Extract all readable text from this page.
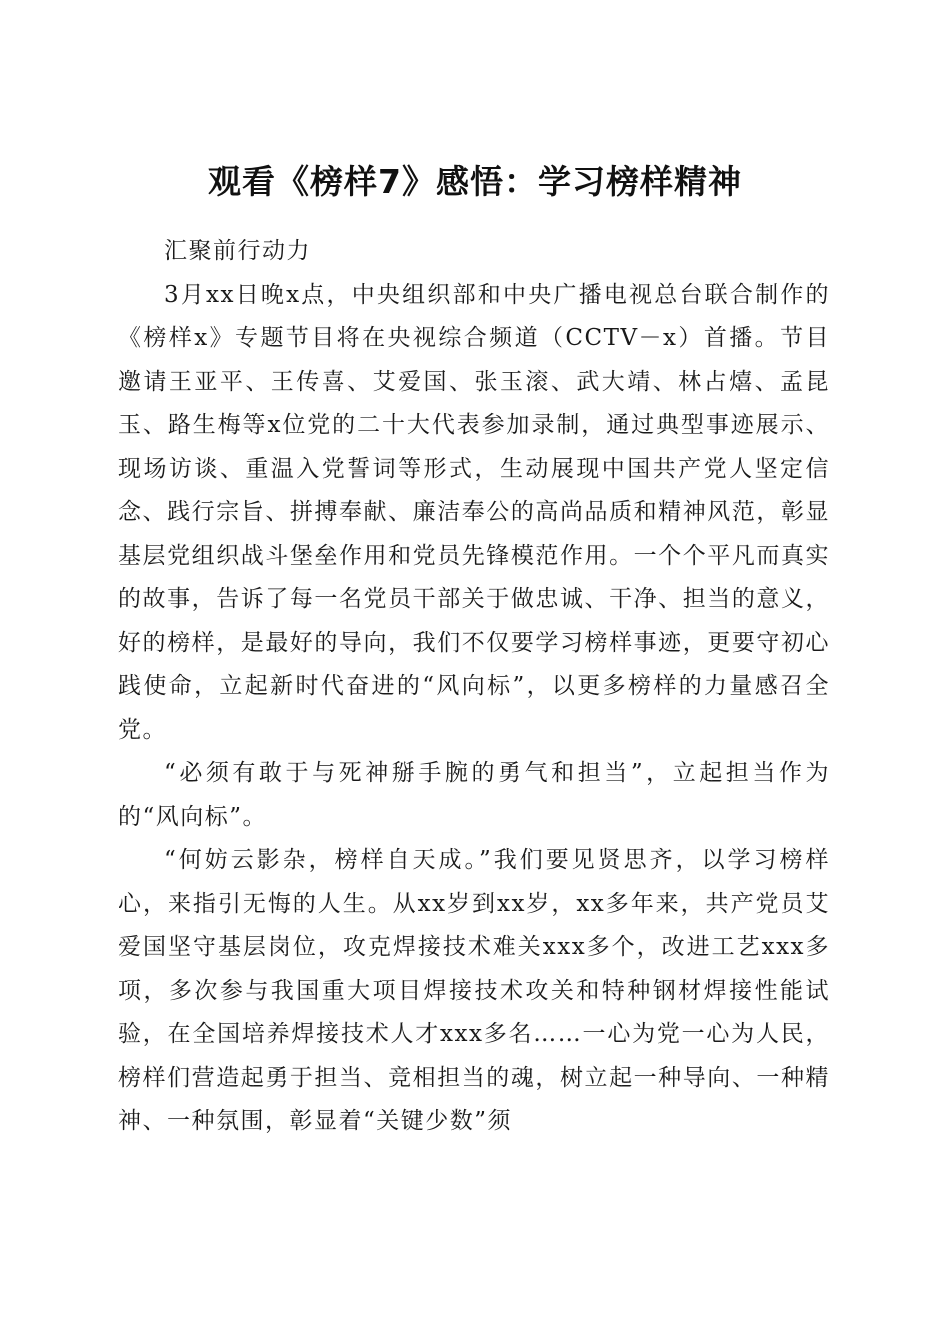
观看《榜样7》感悟：学习榜样精神

汇聚前行动力

3月xx日晚x点，中央组织部和中央广播电视总台联合制作的《榜样x》专题节目将在央视综合频道（CCTV－x）首播。节目邀请王亚平、王传喜、艾爱国、张玉滚、武大靖、林占熺、孟昆玉、路生梅等x位党的二十大代表参加录制，通过典型事迹展示、现场访谈、重温入党誓词等形式，生动展现中国共产党人坚定信念、践行宗旨、拼搏奉献、廉洁奉公的高尚品质和精神风范，彰显基层党组织战斗堡垒作用和党员先锋模范作用。一个个平凡而真实的故事，告诉了每一名党员干部关于做忠诚、干净、担当的意义，好的榜样，是最好的导向，我们不仅要学习榜样事迹，更要守初心践使命，立起新时代奋进的“风向标”，以更多榜样的力量感召全党。

“必须有敢于与死神掰手腕的勇气和担当”，立起担当作为的“风向标”。

“何妨云影杂，榜样自天成。”我们要见贤思齐，以学习榜样心，来指引无悔的人生。从xx岁到xx岁，xx多年来，共产党员艾爱国坚守基层岗位，攻克焊接技术难关xxx多个，改进工艺xxx多项，多次参与我国重大项目焊接技术攻关和特种钢材焊接性能试验，在全国培养焊接技术人才xxx多名……一心为党一心为人民，榜样们营造起勇于担当、竞相担当的魂，树立起一种导向、一种精神、一种氛围，彰显着“关键少数”须
